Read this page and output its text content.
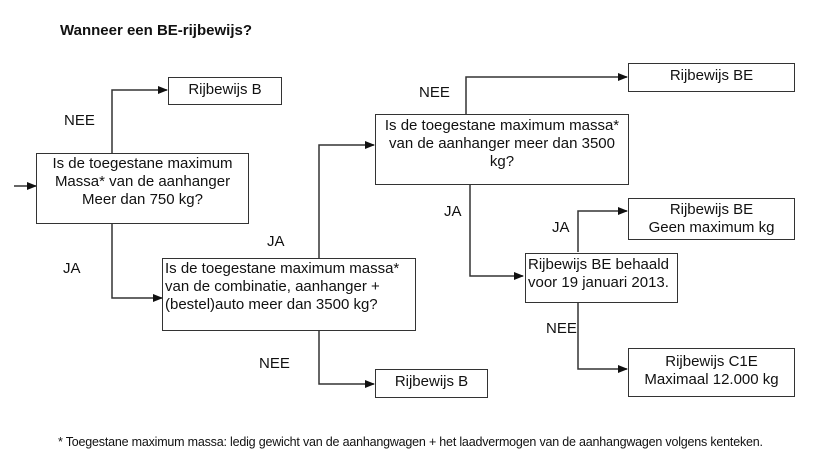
Wanneer een BE-rijbewijs?
Rijbewijs B
Is de toegestane maximum
Massa* van de aanhanger
Meer dan 750 kg?
Is de toegestane maximum massa*
van de combinatie, aanhanger +
(bestel)auto meer dan 3500 kg?
Rijbewijs B
Is de toegestane maximum massa*
van de aanhanger meer dan 3500
kg?
Rijbewijs BE
Rijbewijs BE behaald
voor 19 januari 2013.
Rijbewijs BE
Geen maximum kg
Rijbewijs C1E
Maximaal 12.000 kg
NEE
JA
JA
NEE
NEE
JA
JA
NEE
* Toegestane maximum massa: ledig gewicht van de aanhangwagen + het laadvermogen van de aanhangwagen volgens kenteken.
